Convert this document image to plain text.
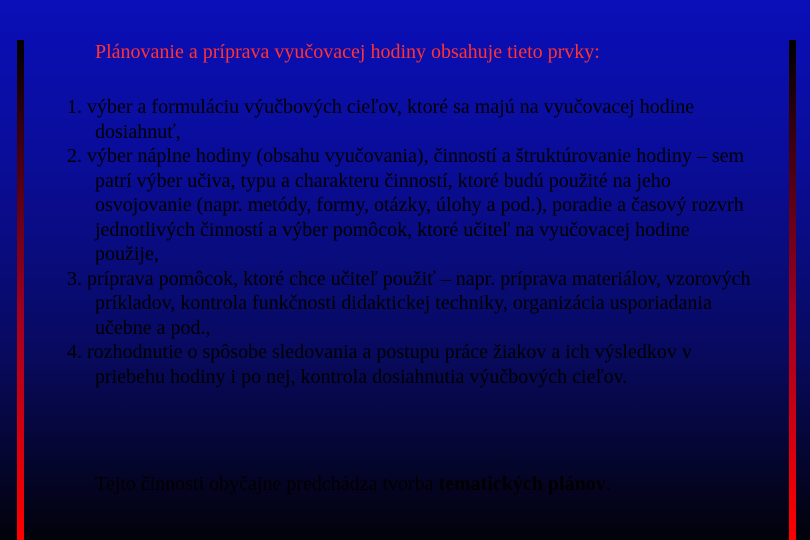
Plánovanie a príprava vyučovacej hodiny obsahuje tieto prvky:
1. výber a formuláciu výučbových cieľov, ktoré sa majú na vyučovacej hodine dosiahnuť,
2. výber náplne hodiny (obsahu vyučovania), činností a štruktúrovanie hodiny – sem patrí výber učiva, typu a charakteru činností, ktoré budú použité na jeho osvojovanie (napr. metódy, formy, otázky, úlohy a pod.), poradie a časový rozvrh jednotlivých činností a výber pomôcok, ktoré učiteľ na vyučovacej hodine použije,
3. príprava pomôcok, ktoré chce učiteľ použiť – napr. príprava materiálov, vzorových príkladov, kontrola funkčnosti didaktickej techniky, organizácia usporiadania učebne a pod.,
4. rozhodnutie o spôsobe sledovania a postupu práce žiakov a ich výsledkov v priebehu hodiny i po nej, kontrola dosiahnutia výučbových cieľov.

Tejto činnosti obyčajne predchádza tvorba tematických plánov.
